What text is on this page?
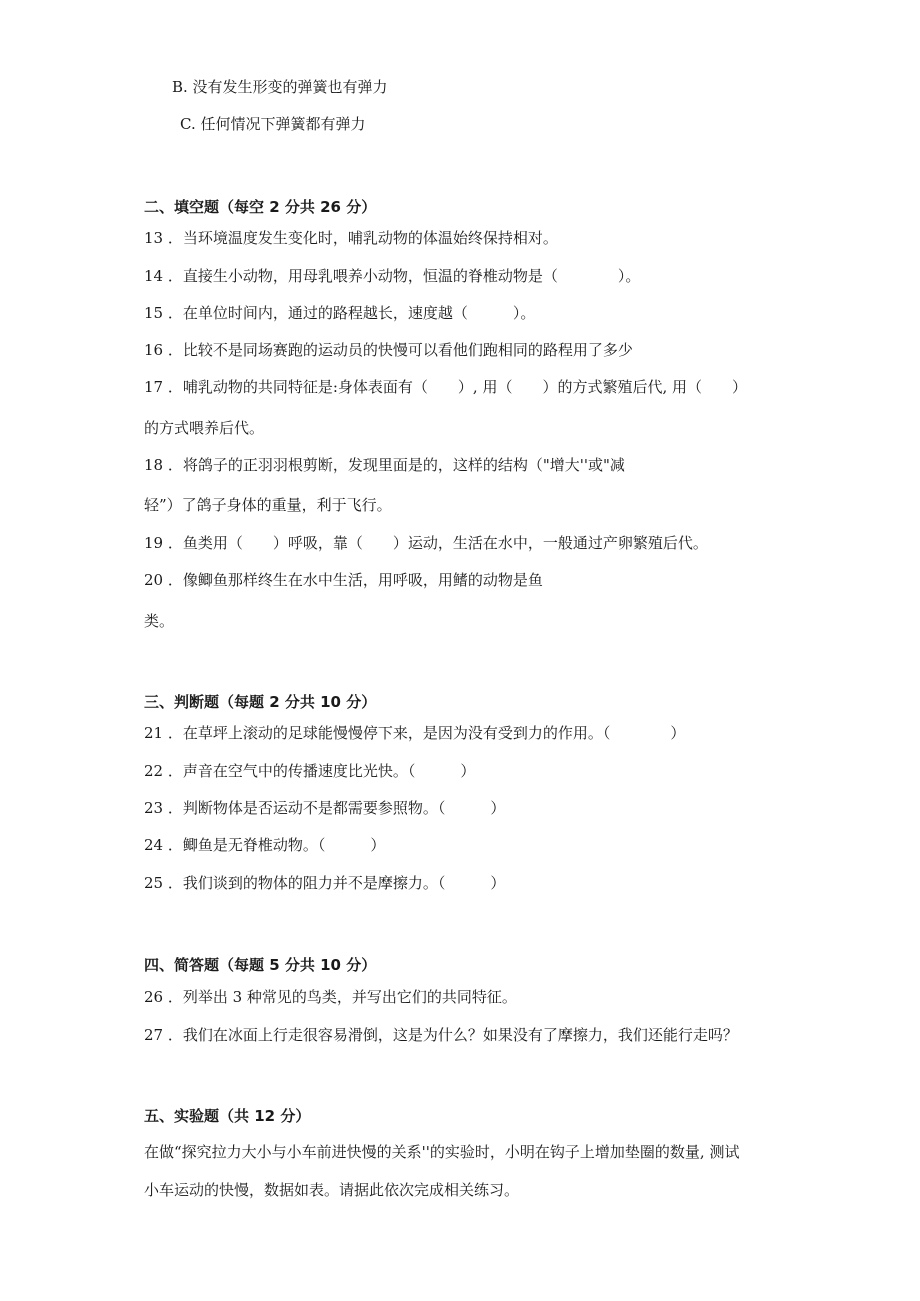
B. 没有发生形变的弹簧也有弹力
C. 任何情况下弹簧都有弹力
二、填空题（每空 2 分共 26 分）
13 ．当环境温度发生变化时，哺乳动物的体温始终保持相对。
14 ．直接生小动物，用母乳喂养小动物，恒温的脊椎动物是（　　　　）。
15 ．在单位时间内，通过的路程越长，速度越（　　　）。
16 ．比较不是同场赛跑的运动员的快慢可以看他们跑相同的路程用了多少
17 ．哺乳动物的共同特征是:身体表面有（　　）, 用（　　）的方式繁殖后代, 用（　　）
的方式喂养后代。
18 ．将鸽子的正羽羽根剪断，发现里面是的，这样的结构（"增大''或"减
轻”）了鸽子身体的重量，利于飞行。
19 ．鱼类用（　　）呼吸，靠（　　）运动，生活在水中，一般通过产卵繁殖后代。
20 ．像鲫鱼那样终生在水中生活，用呼吸，用鳍的动物是鱼
类。
三、判断题（每题 2 分共 10 分）
21 ．在草坪上滚动的足球能慢慢停下来，是因为没有受到力的作用。（　　　　）
22 ．声音在空气中的传播速度比光快。（　　　）
23 ．判断物体是否运动不是都需要参照物。（　　　）
24 ．鲫鱼是无脊椎动物。（　　　）
25 ．我们谈到的物体的阻力并不是摩擦力。（　　　）
四、简答题（每题 5 分共 10 分）
26 ．列举出 3 种常见的鸟类，并写出它们的共同特征。
27 ．我们在冰面上行走很容易滑倒，这是为什么？如果没有了摩擦力，我们还能行走吗？
五、实验题（共 12 分）
在做“探究拉力大小与小车前进快慢的关系''的实验时，小明在钩子上增加垫圈的数量, 测试
小车运动的快慢，数据如表。请据此依次完成相关练习。
